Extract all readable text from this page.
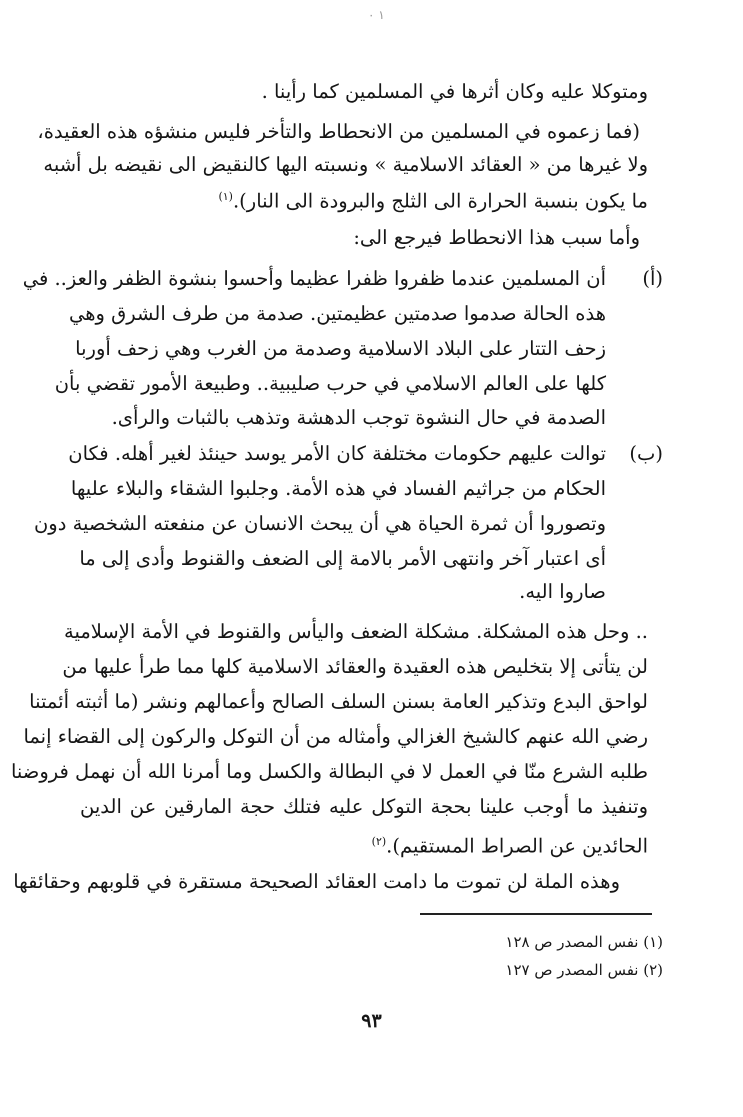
١ ٠
ومتوكلا عليه وكان أثرها في المسلمين كما رأينا .
(فما زعموه في المسلمين من الانحطاط والتأخر فليس منشؤه هذه العقيدة،
ولا غيرها من « العقائد الاسلامية » ونسبته اليها كالنقيض الى نقيضه بل أشبه
ما يكون بنسبة الحرارة الى الثلج والبرودة الى النار).$^{(١)}$
وأما سبب هذا الانحطاط فيرجع الى:
(أ)
أن المسلمين عندما ظفروا ظفرا عظيما وأحسوا بنشوة الظفر والعز.. في
هذه الحالة صدموا صدمتين عظيمتين. صدمة من طرف الشرق وهي
زحف التتار على البلاد الاسلامية وصدمة من الغرب وهي زحف أوربا
كلها على العالم الاسلامي في حرب صليبية.. وطبيعة الأمور تقضي بأن
الصدمة في حال النشوة توجب الدهشة وتذهب بالثبات والرأى.
(ب)
توالت عليهم حكومات مختلفة كان الأمر يوسد حينئذ لغير أهله. فكان
الحكام من جراثيم الفساد في هذه الأمة. وجلبوا الشقاء والبلاء عليها
وتصوروا أن ثمرة الحياة هي أن يبحث الانسان عن منفعته الشخصية دون
أى اعتبار آخر وانتهى الأمر بالامة إلى الضعف والقنوط وأدى إلى ما
صاروا اليه.
.. وحل هذه المشكلة. مشكلة الضعف واليأس والقنوط في الأمة الإسلامية
لن يتأتى إلا بتخليص هذه العقيدة والعقائد الاسلامية كلها مما طرأ عليها من
لواحق البدع وتذكير العامة بسنن السلف الصالح وأعمالهم ونشر (ما أثبته أئمتنا
رضي الله عنهم كالشيخ الغزالي وأمثاله من أن التوكل والركون إلى القضاء إنما
طلبه الشرع منّا في العمل لا في البطالة والكسل وما أمرنا الله أن نهمل فروضنا
وتنفيذ ما أوجب علينا بحجة التوكل عليه فتلك حجة المارقين عن الدين
الحائدين عن الصراط المستقيم).$^{(٢)}$
وهذه الملة لن تموت ما دامت العقائد الصحيحة مستقرة في قلوبهم وحقائقها
(١) نفس المصدر ص ١٢٨
(٢) نفس المصدر ص ١٢٧
٩٣
